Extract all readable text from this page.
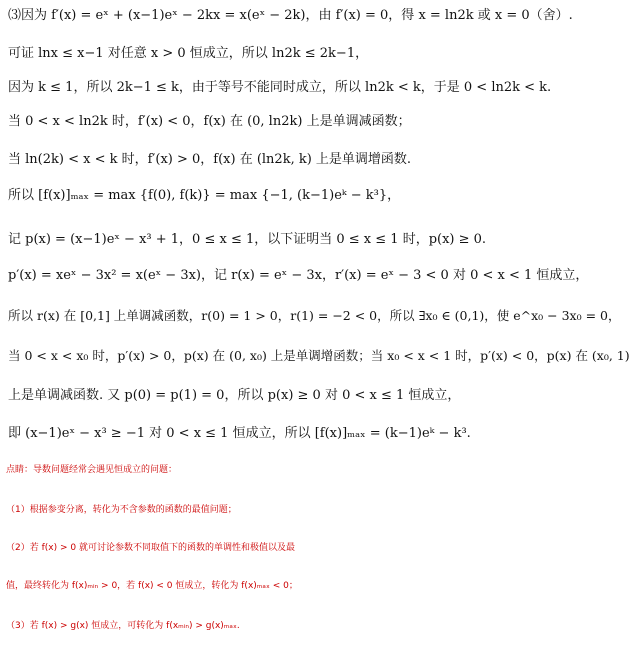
⑶因为 f′(x) = eˣ + (x−1)eˣ − 2kx = x(eˣ − 2k)，由 f′(x) = 0，得 x = ln2k 或 x = 0（舍）.
可证 lnx ≤ x−1 对任意 x > 0 恒成立，所以 ln2k ≤ 2k−1，
因为 k ≤ 1，所以 2k−1 ≤ k，由于等号不能同时成立，所以 ln2k < k，于是 0 < ln2k < k.
当 0 < x < ln2k 时，f′(x) < 0，f(x) 在 (0, ln2k) 上是单调减函数；
当 ln(2k) < x < k 时，f′(x) > 0，f(x) 在 (ln2k, k) 上是单调增函数.
所以 [f(x)]ₘₐₓ = max {f(0), f(k)} = max {−1, (k−1)eᵏ − k³}，
记 p(x) = (x−1)eˣ − x³ + 1，0 ≤ x ≤ 1，以下证明当 0 ≤ x ≤ 1 时，p(x) ≥ 0.
p′(x) = xeˣ − 3x² = x(eˣ − 3x)，记 r(x) = eˣ − 3x，r′(x) = eˣ − 3 < 0 对 0 < x < 1 恒成立，
所以 r(x) 在 [0,1] 上单调减函数，r(0) = 1 > 0，r(1) = −2 < 0，所以 ∃x₀ ∈ (0,1)，使 e^x₀ − 3x₀ = 0，
当 0 < x < x₀ 时，p′(x) > 0，p(x) 在 (0, x₀) 上是单调增函数；当 x₀ < x < 1 时，p′(x) < 0，p(x) 在 (x₀, 1)
上是单调减函数. 又 p(0) = p(1) = 0，所以 p(x) ≥ 0 对 0 < x ≤ 1 恒成立，
即 (x−1)eˣ − x³ ≥ −1 对 0 < x ≤ 1 恒成立，所以 [f(x)]ₘₐₓ = (k−1)eᵏ − k³.
点睛：导数问题经常会遇见恒成立的问题：
（1）根据参变分离，转化为不含参数的函数的最值问题；
（2）若 f(x) > 0 就可讨论参数不同取值下的函数的单调性和极值以及最
值，最终转化为 f(x)ₘᵢₙ > 0，若 f(x) < 0 恒成立，转化为 f(x)ₘₐₓ < 0；
（3）若 f(x) > g(x) 恒成立，可转化为 f(xₘᵢₙ) > g(x)ₘₐₓ.
